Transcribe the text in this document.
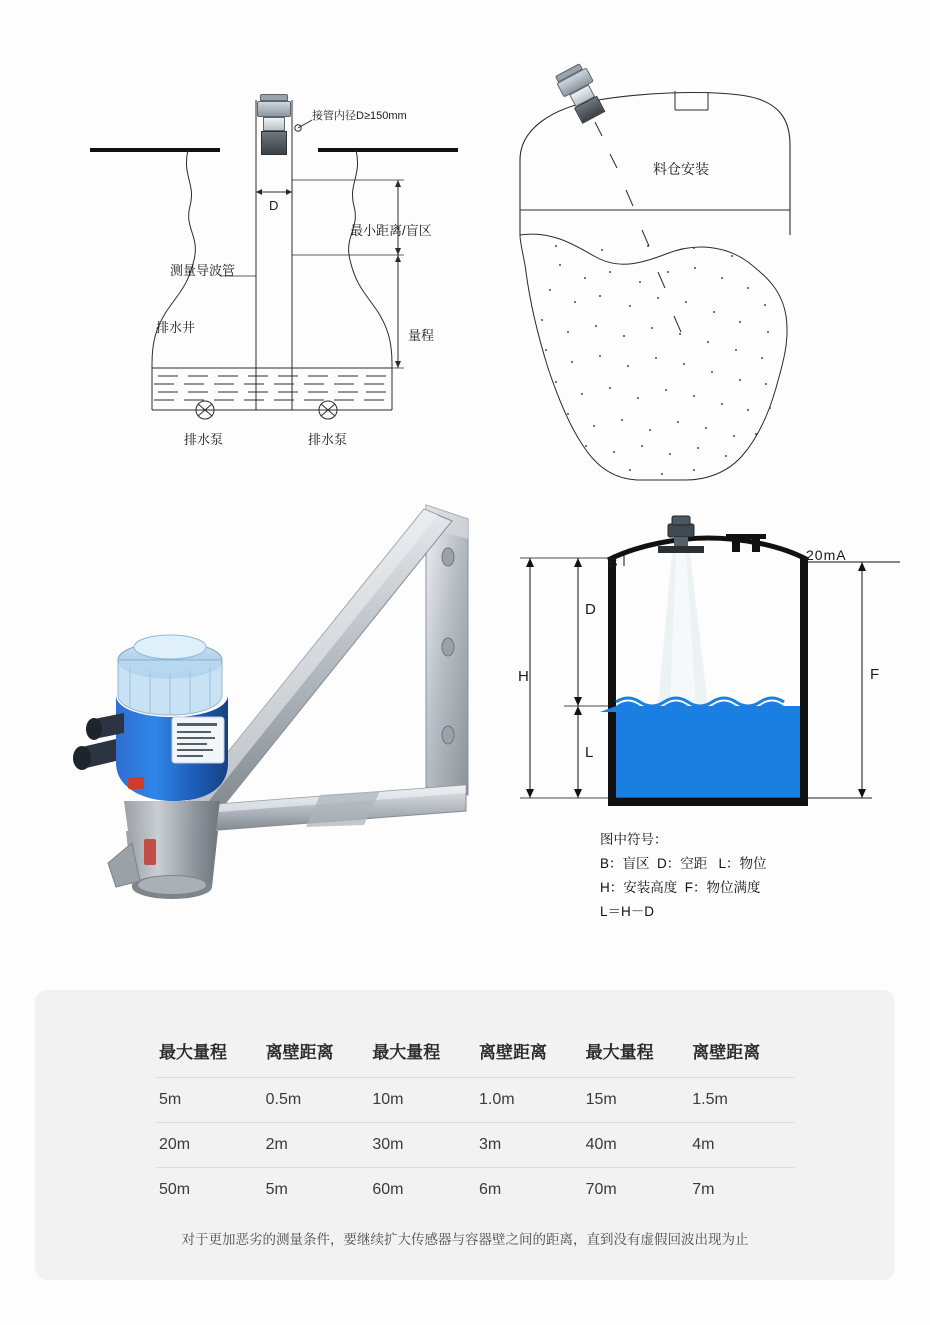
接管内径D≥150mm
D
最小距离/盲区
量程
测量导波管
排水井
排水泵	排水泵
料仓安装
B
D
H
L
F
20mA
图中符号：
B：盲区  D：空距   L：物位
H：安装高度  F：物位满度
L＝H－D
最大量程	离壁距离	最大量程	离壁距离	最大量程	离壁距离
5m	0.5m	10m	1.0m	15m	1.5m
20m	2m	30m	3m	40m	4m
50m	5m	60m	6m	70m	7m
对于更加恶劣的测量条件，要继续扩大传感器与容器壁之间的距离，直到没有虚假回波出现为止
